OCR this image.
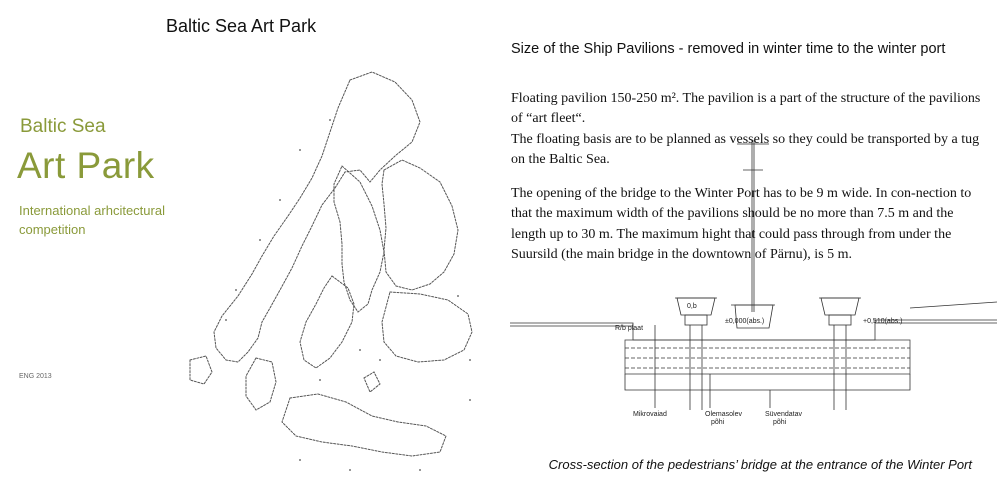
Baltic Sea Art Park
Baltic Sea
Art Park
International arhcitectural competition
ENG 2013
Size of the Ship Pavilions - removed in winter time to the winter port
R/b plaat
±0,000(abs.)	+0,510(abs.)
0,b
Mikrovaiad	Olemasolev
põhi
Süvendatav
põhi
Floating pavilion 150-250 m². The pavilion is a part of the structure of the pavilions of “art fleet“.
The floating basis are to be planned as vessels so they could be transported by a tug on the Baltic Sea.
The opening of the bridge to the Winter Port has to be 9 m wide. In con-nection to that the maximum width of the pavilions should be no more than 7.5 m and the length up to 30 m. The maximum hight that could pass through from under the Suursild (the main bridge in the downtown of Pärnu), is 5 m.
Cross-section of the pedestrians’ bridge at the entrance of the Winter Port
